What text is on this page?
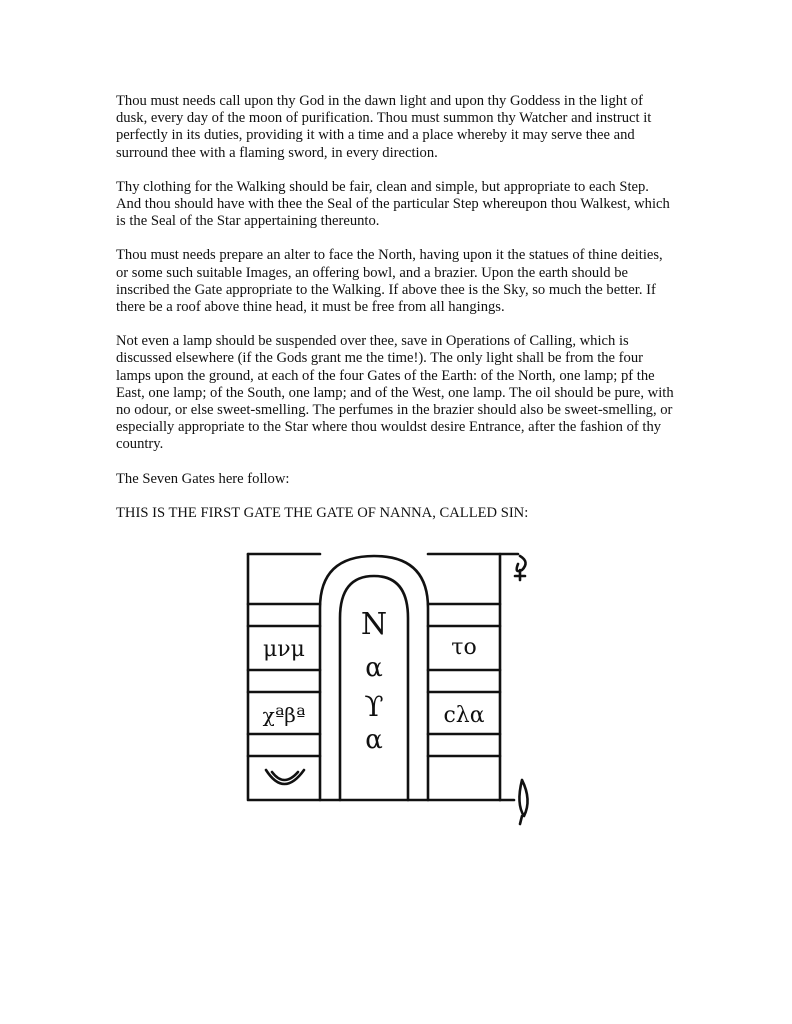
Thou must needs call upon thy God in the dawn light and upon thy Goddess in the light of dusk, every day of the moon of purification. Thou must summon thy Watcher and instruct it perfectly in its duties, providing it with a time and a place whereby it may serve thee and surround thee with a flaming sword, in every direction.

Thy clothing for the Walking should be fair, clean and simple, but appropriate to each Step. And thou should have with thee the Seal of the particular Step whereupon thou Walkest, which is the Seal of the Star appertaining thereunto.

Thou must needs prepare an alter to face the North, having upon it the statues of thine deities, or some such suitable Images, an offering bowl, and a brazier. Upon the earth should be inscribed the Gate appropriate to the Walking. If above thee is the Sky, so much the better. If there be a roof above thine head, it must be free from all hangings.

Not even a lamp should be suspended over thee, save in Operations of Calling, which is discussed elsewhere (if the Gods grant me the time!). The only light shall be from the four lamps upon the ground, at each of the four Gates of the Earth: of the North, one lamp; pf the East, one lamp; of the South, one lamp; and of the West, one lamp. The oil should be pure, with no odour, or else sweet-smelling. The perfumes in the brazier should also be sweet-smelling, or especially appropriate to the Star where thou wouldst desire Entrance, after the fashion of thy country.

The Seven Gates here follow:

THIS IS THE FIRST GATE THE GATE OF NANNA, CALLED SIN:

N
α
ϒ
α
μνμ
χªβª
το
cλα
